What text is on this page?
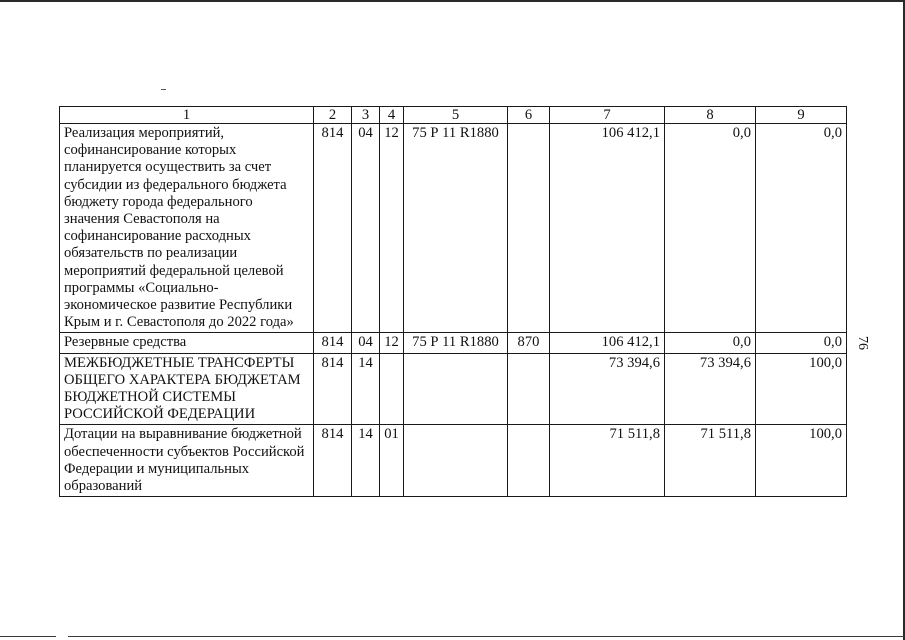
76
1	2	3	4	5	6	7	8	9
Реализация мероприятий, софинансирование которых планируется осуществить за счет субсидии из федерального бюджета бюджету города федерального значения Севастополя на софинансирование расходных обязательств по реализации мероприятий федеральной целевой программы «Социально-экономическое развитие Республики Крым и г. Севастополя до 2022 года»	814	04	12	75 Р 11 R1880		106 412,1	0,0	0,0
Резервные средства	814	04	12	75 Р 11 R1880	870	106 412,1	0,0	0,0
МЕЖБЮДЖЕТНЫЕ ТРАНСФЕРТЫ ОБЩЕГО ХАРАКТЕРА БЮДЖЕТАМ БЮДЖЕТНОЙ СИСТЕМЫ РОССИЙСКОЙ ФЕДЕРАЦИИ	814	14				73 394,6	73 394,6	100,0
Дотации на выравнивание бюджетной обеспеченности субъектов Российской Федерации и муниципальных образований	814	14	01			71 511,8	71 511,8	100,0
